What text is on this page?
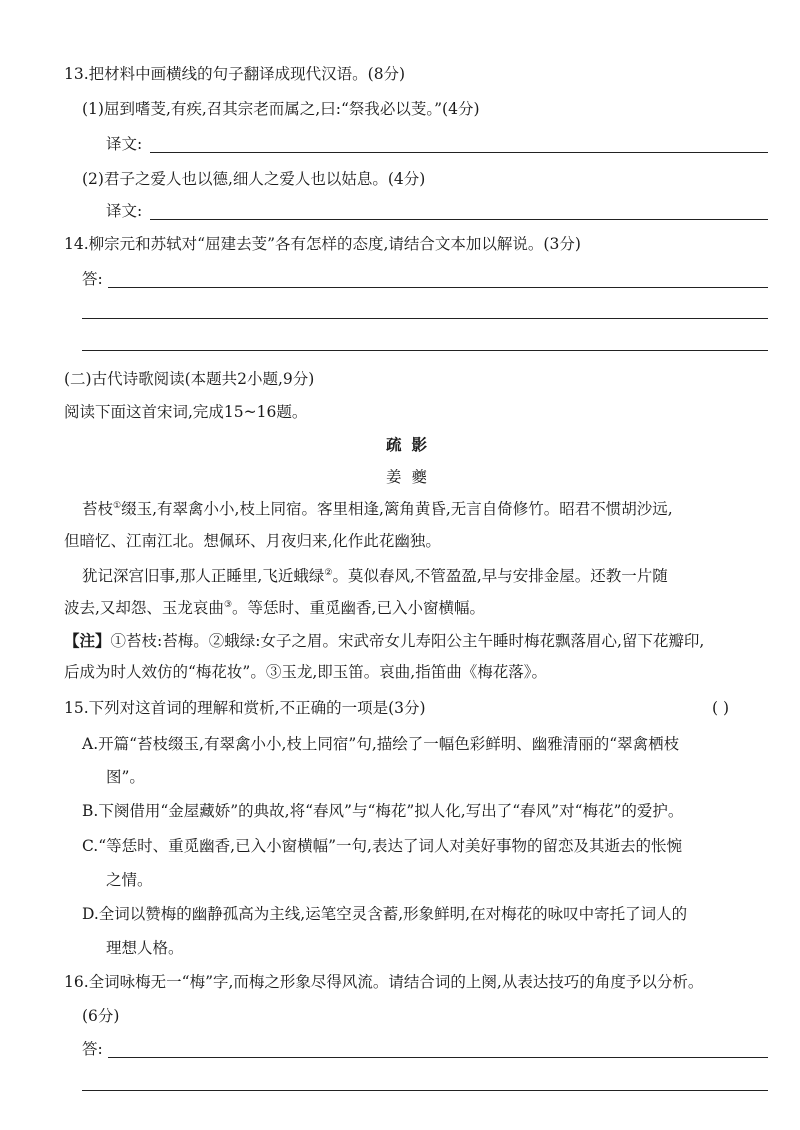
13.把材料中画横线的句子翻译成现代汉语。(8分)
(1)屈到嗜芰,有疾,召其宗老而属之,曰:“祭我必以芰。”(4分)
译文:
(2)君子之爱人也以德,细人之爱人也以姑息。(4分)
译文:
14.柳宗元和苏轼对“屈建去芰”各有怎样的态度,请结合文本加以解说。(3分)
答:
(二)古代诗歌阅读(本题共2小题,9分)
阅读下面这首宋词,完成15~16题。
疏影
姜夔
苔枝①缀玉,有翠禽小小,枝上同宿。客里相逢,篱角黄昏,无言自倚修竹。昭君不惯胡沙远,
但暗忆、江南江北。想佩环、月夜归来,化作此花幽独。
犹记深宫旧事,那人正睡里,飞近蛾绿②。莫似春风,不管盈盈,早与安排金屋。还教一片随
波去,又却怨、玉龙哀曲③。等恁时、重觅幽香,已入小窗横幅。
【注】①苔枝:苔梅。②蛾绿:女子之眉。宋武帝女儿寿阳公主午睡时梅花飘落眉心,留下花瓣印,
后成为时人效仿的“梅花妆”。③玉龙,即玉笛。哀曲,指笛曲《梅花落》。
15.下列对这首词的理解和赏析,不正确的一项是(3分)	( )
A.开篇“苔枝缀玉,有翠禽小小,枝上同宿”句,描绘了一幅色彩鲜明、幽雅清丽的“翠禽栖枝
图”。
B.下阕借用“金屋藏娇”的典故,将“春风”与“梅花”拟人化,写出了“春风”对“梅花”的爱护。
C.“等恁时、重觅幽香,已入小窗横幅”一句,表达了词人对美好事物的留恋及其逝去的怅惋
之情。
D.全词以赞梅的幽静孤高为主线,运笔空灵含蓄,形象鲜明,在对梅花的咏叹中寄托了词人的
理想人格。
16.全词咏梅无一“梅”字,而梅之形象尽得风流。请结合词的上阕,从表达技巧的角度予以分析。
(6分)
答:
